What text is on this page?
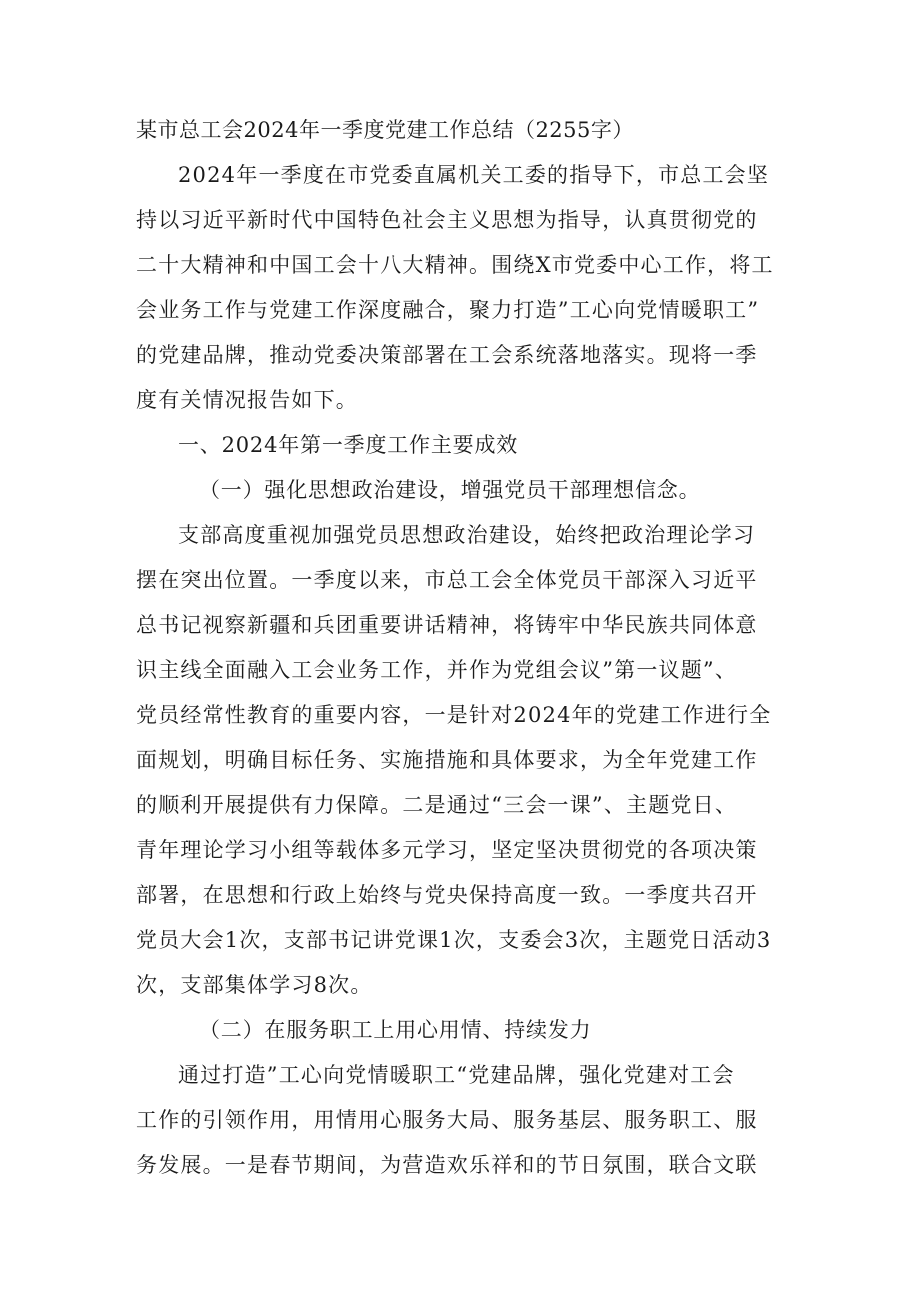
某市总工会2024年一季度党建工作总结（2255字）

2024年一季度在市党委直属机关工委的指导下，市总工会坚
持以习近平新时代中国特色社会主义思想为指导，认真贯彻党的
二十大精神和中国工会十八大精神。围绕X市党委中心工作，将工
会业务工作与党建工作深度融合，聚力打造”工心向党情暖职工”
的党建品牌，推动党委决策部署在工会系统落地落实。现将一季
度有关情况报告如下。

一、2024年第一季度工作主要成效

（一）强化思想政治建设，增强党员干部理想信念。

支部高度重视加强党员思想政治建设，始终把政治理论学习
摆在突出位置。一季度以来，市总工会全体党员干部深入习近平
总书记视察新疆和兵团重要讲话精神，将铸牢中华民族共同体意
识主线全面融入工会业务工作，并作为党组会议”第一议题”、
党员经常性教育的重要内容，一是针对2024年的党建工作进行全
面规划，明确目标任务、实施措施和具体要求，为全年党建工作
的顺利开展提供有力保障。二是通过“三会一课”、主题党日、
青年理论学习小组等载体多元学习，坚定坚决贯彻党的各项决策
部署，在思想和行政上始终与党央保持高度一致。一季度共召开
党员大会1次，支部书记讲党课1次，支委会3次，主题党日活动3
次，支部集体学习8次。

（二）在服务职工上用心用情、持续发力

通过打造”工心向党情暖职工“党建品牌，强化党建对工会
工作的引领作用，用情用心服务大局、服务基层、服务职工、服
务发展。一是春节期间，为营造欢乐祥和的节日氛围，联合文联
